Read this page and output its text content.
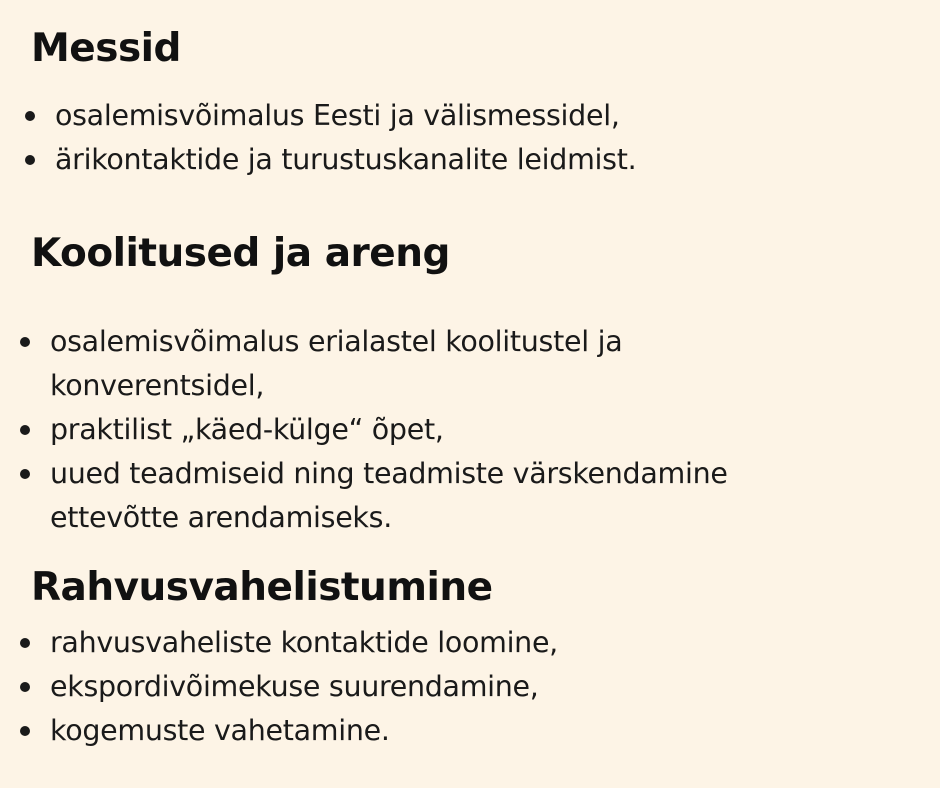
Messid
osalemisvõimalus Eesti ja välismessidel,
ärikontaktide ja turustuskanalite leidmist.
Koolitused ja areng
osalemisvõimalus erialastel koolitustel ja
konverentsidel,
praktilist „käed-külge“ õpet,
uued teadmiseid ning teadmiste värskendamine
ettevõtte arendamiseks.
Rahvusvahelistumine
rahvusvaheliste kontaktide loomine,
ekspordivõimekuse suurendamine,
kogemuste vahetamine.
